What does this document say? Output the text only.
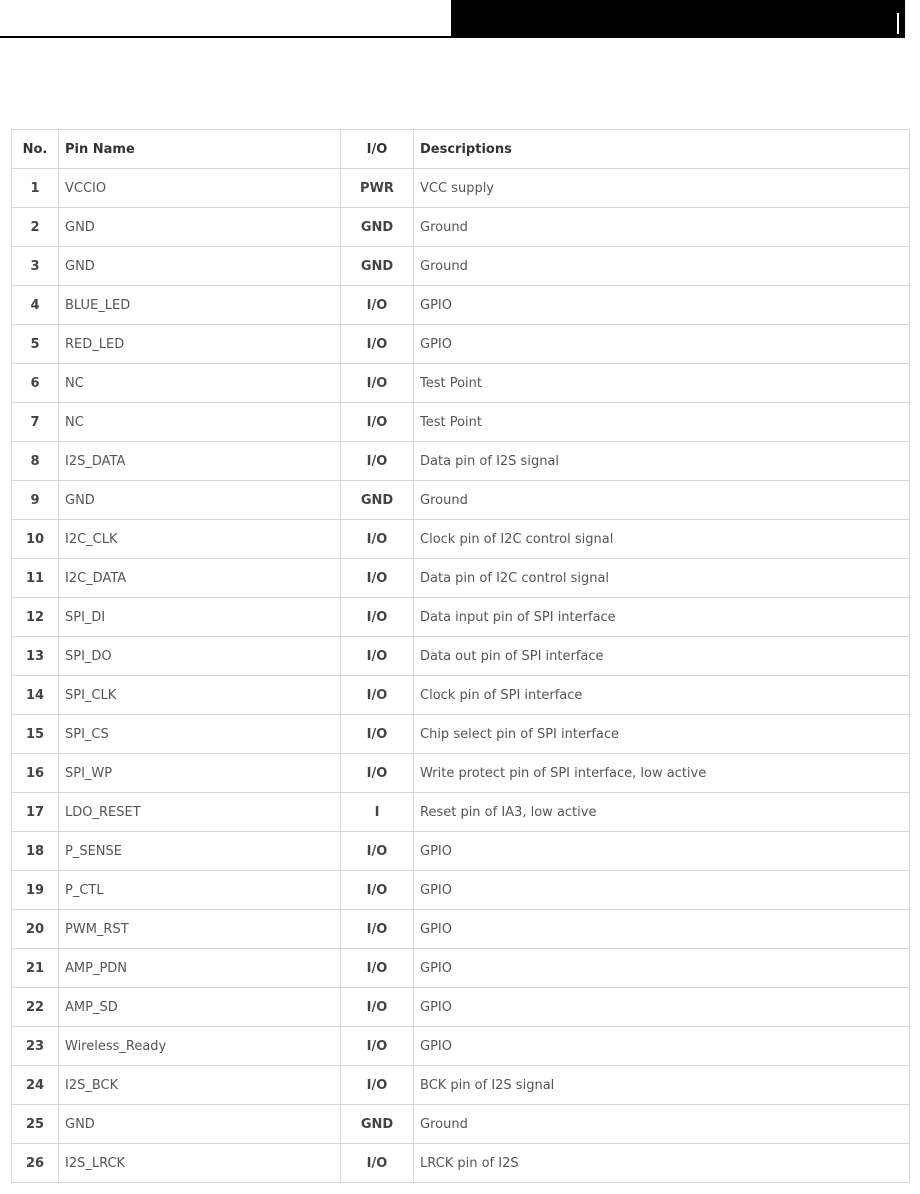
No.	Pin Name	I/O	Descriptions
1	VCCIO	PWR	VCC supply
2	GND	GND	Ground
3	GND	GND	Ground
4	BLUE_LED	I/O	GPIO
5	RED_LED	I/O	GPIO
6	NC	I/O	Test Point
7	NC	I/O	Test Point
8	I2S_DATA	I/O	Data pin of I2S signal
9	GND	GND	Ground
10	I2C_CLK	I/O	Clock pin of I2C control signal
11	I2C_DATA	I/O	Data pin of I2C control signal
12	SPI_DI	I/O	Data input pin of SPI interface
13	SPI_DO	I/O	Data out pin of SPI interface
14	SPI_CLK	I/O	Clock pin of SPI interface
15	SPI_CS	I/O	Chip select pin of SPI interface
16	SPI_WP	I/O	Write protect pin of SPI interface, low active
17	LDO_RESET	I	Reset pin of IA3, low active
18	P_SENSE	I/O	GPIO
19	P_CTL	I/O	GPIO
20	PWM_RST	I/O	GPIO
21	AMP_PDN	I/O	GPIO
22	AMP_SD	I/O	GPIO
23	Wireless_Ready	I/O	GPIO
24	I2S_BCK	I/O	BCK pin of I2S signal
25	GND	GND	Ground
26	I2S_LRCK	I/O	LRCK pin of I2S
